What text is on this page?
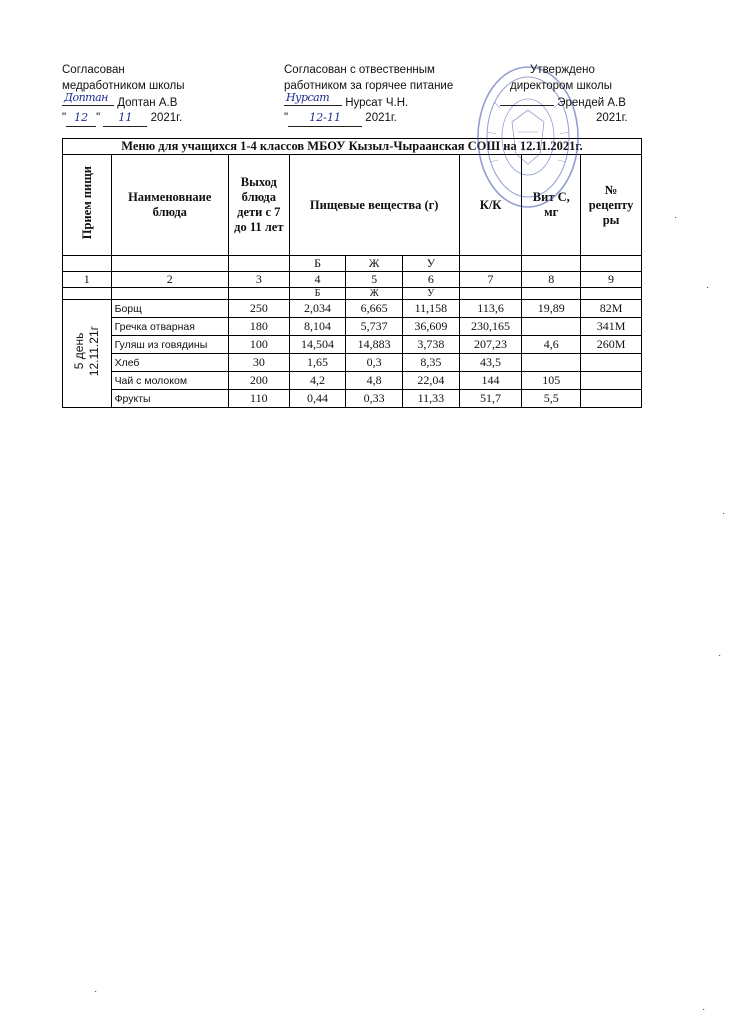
Согласован
медработником школы
Доптан Доптан А.В
" 12 " 11 2021г.
Согласован с отвественным
работником за горячее питание
Нурсат Нурсат Ч.Н.
" 12-11 2021г.
Утверждено
директором школы
Эрендей А.В
2021г.
Меню для учащихся 1-4 классов МБОУ Кызыл-Чыраанская СОШ на 12.11.2021г.								
Прием пищи	Наименовнаие блюда	Выход блюда дети с 7 до 11 лет	Пищевые вещества (г)			К/К	Вит С, мг	№ рецепту ры
			Б	Ж	У			
1	2	3	4	5	6	7	8	9
			Б	Ж	У			
5 день
12.11.21г	Борщ	250	2,034	6,665	11,158	113,6	19,89	82М
	Гречка отварная	180	8,104	5,737	36,609	230,165		341М
	Гуляш из говядины	100	14,504	14,883	3,738	207,23	4,6	260М
	Хлеб	30	1,65	0,3	8,35	43,5		
	Чай с молоком	200	4,2	4,8	22,04	144	105	
	Фрукты	110	0,44	0,33	11,33	51,7	5,5	
·
·
·
·
·
·
